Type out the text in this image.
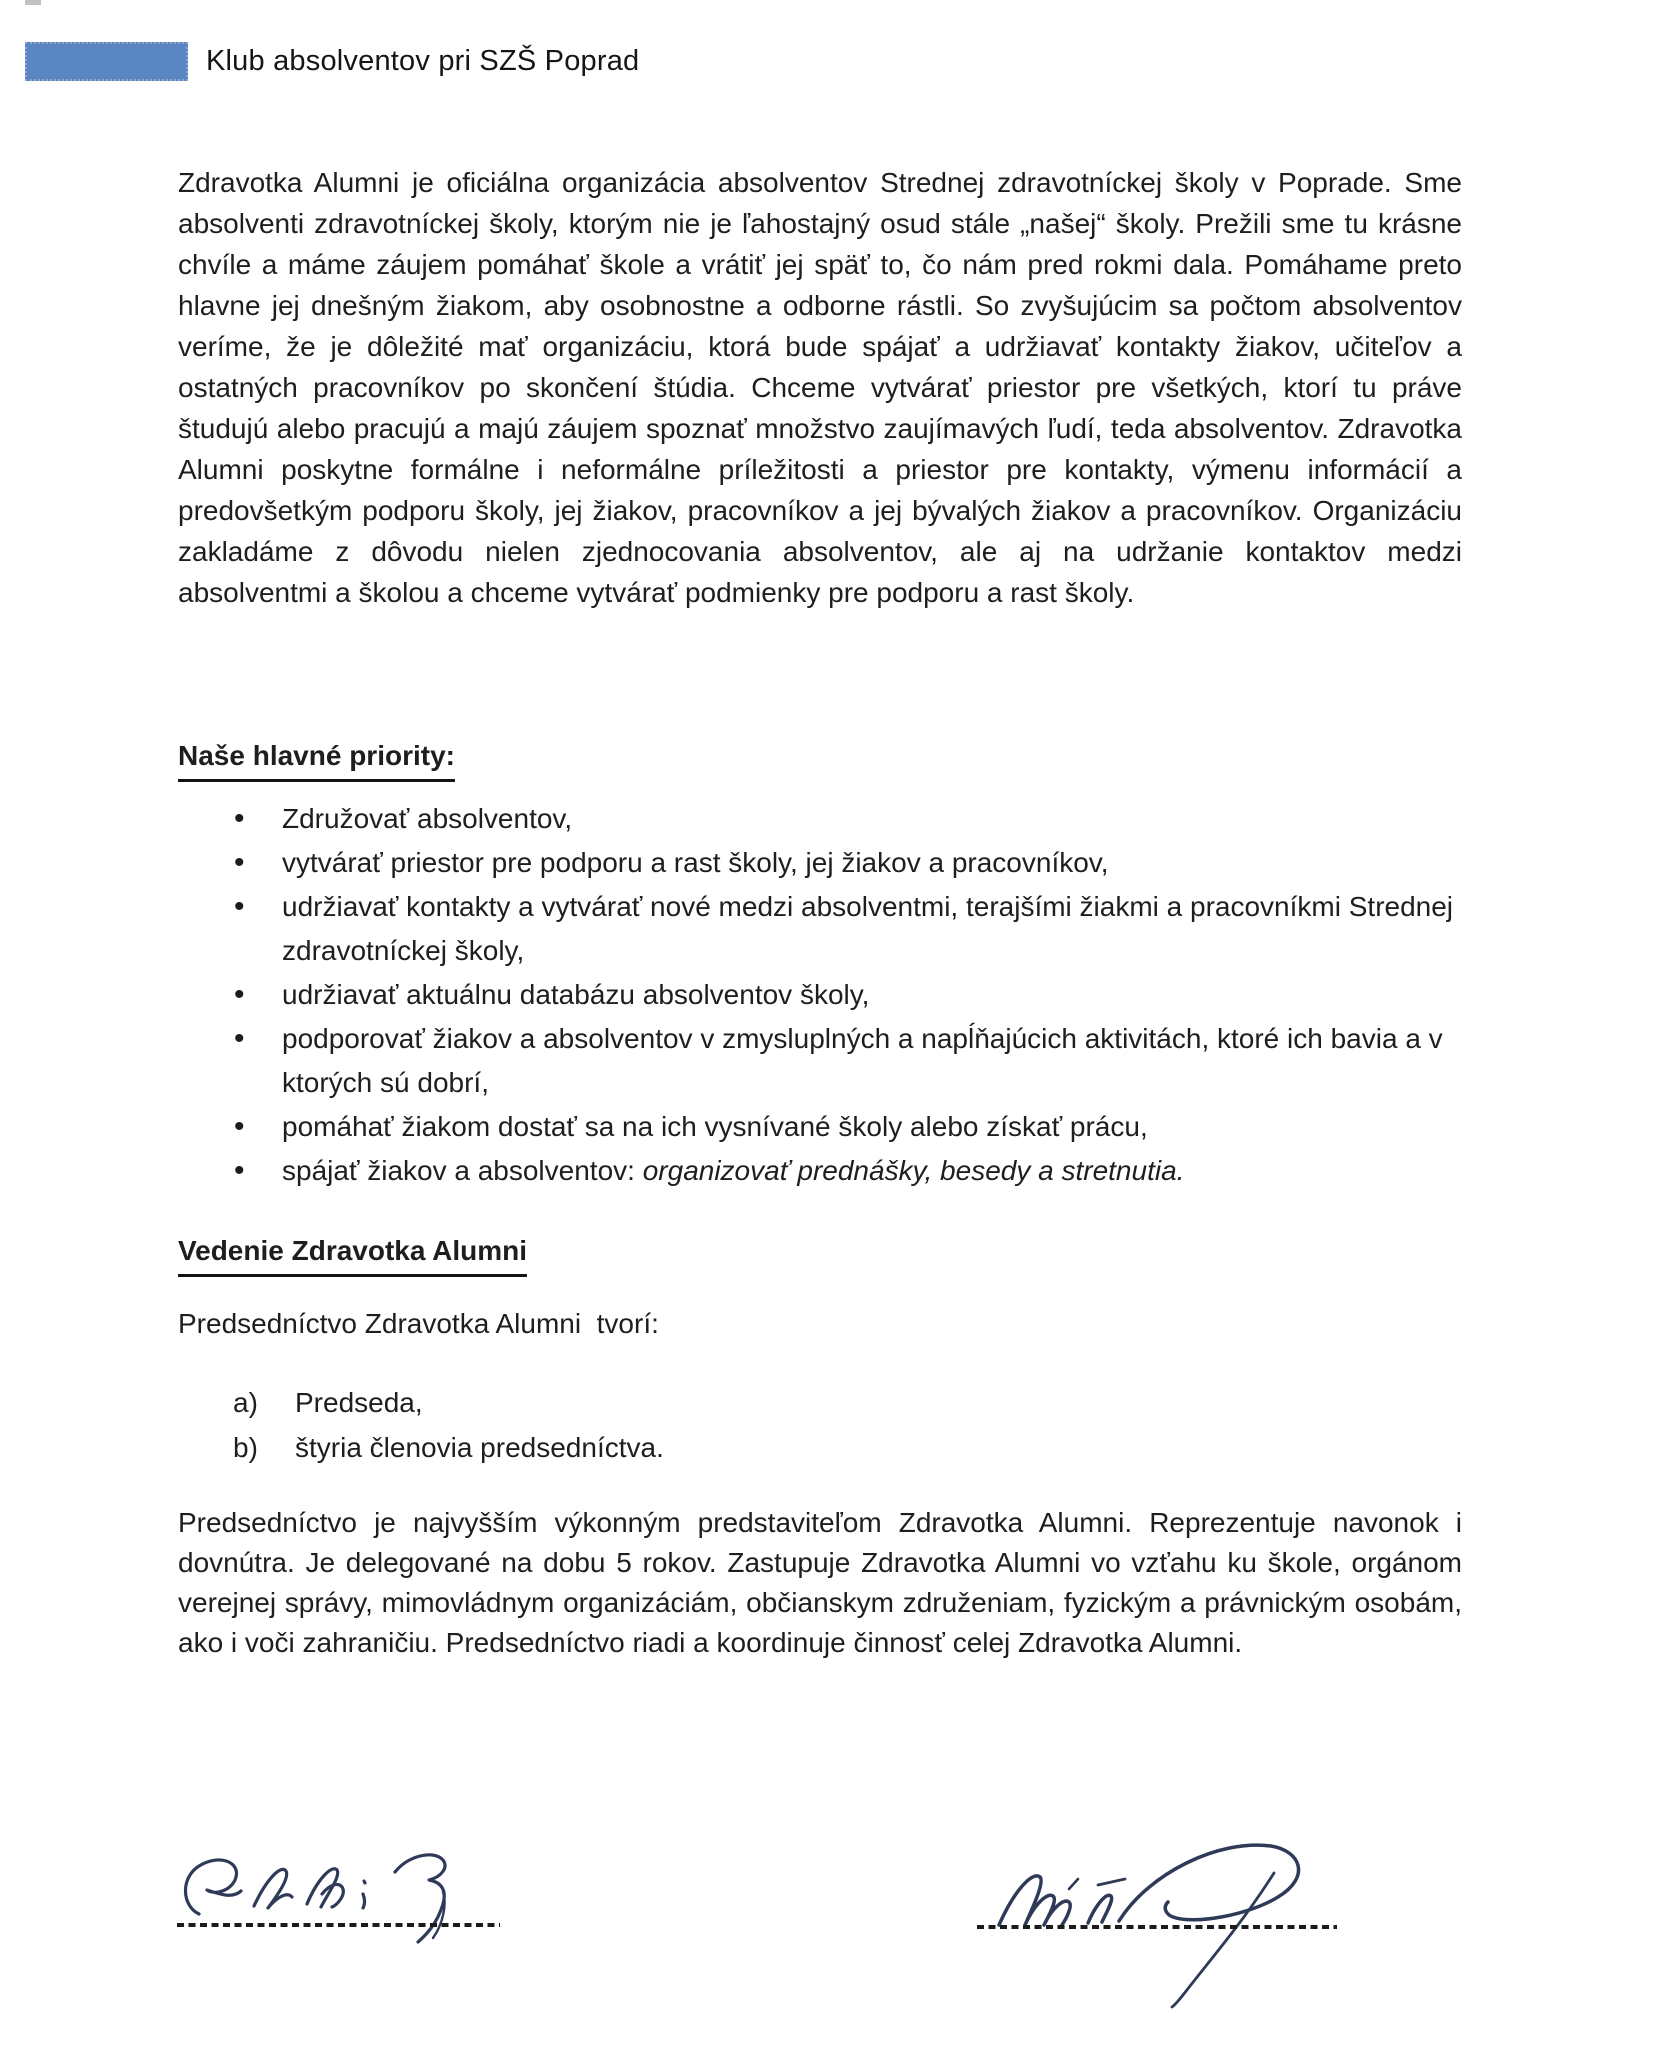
Klub absolventov pri SZŠ Poprad

Zdravotka Alumni je oficiálna organizácia absolventov Strednej zdravotníckej školy v Poprade. Sme absolventi zdravotníckej školy, ktorým nie je ľahostajný osud stále „našej“ školy. Prežili sme tu krásne chvíle a máme záujem pomáhať škole a vrátiť jej späť to, čo nám pred rokmi dala. Pomáhame preto hlavne jej dnešným žiakom, aby osobnostne a odborne rástli. So zvyšujúcim sa počtom absolventov veríme, že je dôležité mať organizáciu, ktorá bude spájať a udržiavať kontakty žiakov, učiteľov a ostatných pracovníkov po skončení štúdia. Chceme vytvárať priestor pre všetkých, ktorí tu práve študujú alebo pracujú a majú záujem spoznať množstvo zaujímavých ľudí, teda absolventov. Zdravotka Alumni poskytne formálne i neformálne príležitosti a priestor pre kontakty, výmenu informácií a predovšetkým podporu školy, jej žiakov, pracovníkov a jej bývalých žiakov a pracovníkov. Organizáciu zakladáme z dôvodu nielen zjednocovania absolventov, ale aj na udržanie kontaktov medzi absolventmi a školou a chceme vytvárať podmienky pre podporu a rast školy.

Naše hlavné priority:
• Združovať absolventov,
• vytvárať priestor pre podporu a rast školy, jej žiakov a pracovníkov,
• udržiavať kontakty a vytvárať nové medzi absolventmi, terajšími žiakmi a pracovníkmi Strednej zdravotníckej školy,
• udržiavať aktuálnu databázu absolventov školy,
• podporovať žiakov a absolventov v zmysluplných a napĺňajúcich aktivitách, ktoré ich bavia a v ktorých sú dobrí,
• pomáhať žiakom dostať sa na ich vysnívané školy alebo získať prácu,
• spájať žiakov a absolventov: organizovať prednášky, besedy a stretnutia.
Vedenie Zdravotka Alumni

Predsedníctvo Zdravotka Alumni  tvorí:

a) Predseda,
b) štyria členovia predsedníctva.

Predsedníctvo je najvyšším výkonným predstaviteľom Zdravotka Alumni. Reprezentuje navonok i dovnútra. Je delegované na dobu 5 rokov. Zastupuje Zdravotka Alumni vo vzťahu ku škole, orgánom verejnej správy, mimovládnym organizáciám, občianskym združeniam, fyzickým a právnickým osobám, ako i voči zahraničiu. Predsedníctvo riadi a koordinuje činnosť celej Zdravotka Alumni.
